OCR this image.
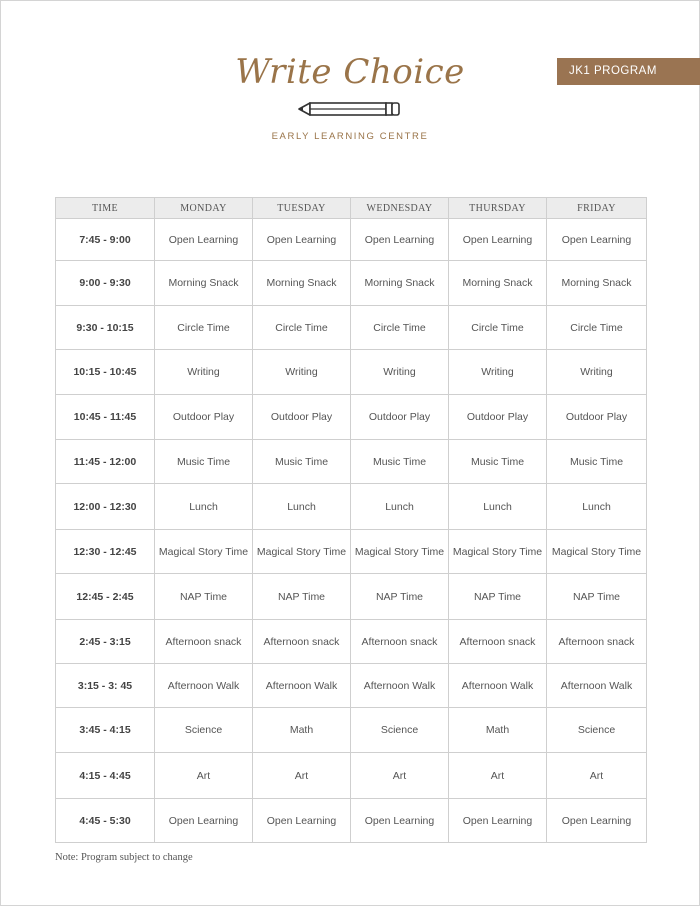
Write Choice
EARLY LEARNING CENTRE
JK1 PROGRAM
TIME	MONDAY	TUESDAY	WEDNESDAY	THURSDAY	FRIDAY
7:45 - 9:00	Open Learning	Open Learning	Open Learning	Open Learning	Open Learning
9:00 - 9:30	Morning Snack	Morning Snack	Morning Snack	Morning Snack	Morning Snack
9:30 - 10:15	Circle Time	Circle Time	Circle Time	Circle Time	Circle Time
10:15 - 10:45	Writing	Writing	Writing	Writing	Writing
10:45 - 11:45	Outdoor Play	Outdoor Play	Outdoor Play	Outdoor Play	Outdoor Play
11:45 - 12:00	Music Time	Music Time	Music Time	Music Time	Music Time
12:00 - 12:30	Lunch	Lunch	Lunch	Lunch	Lunch
12:30 - 12:45	Magical Story Time	Magical Story Time	Magical Story Time	Magical Story Time	Magical Story Time
12:45 - 2:45	NAP Time	NAP Time	NAP Time	NAP Time	NAP Time
2:45 - 3:15	Afternoon snack	Afternoon snack	Afternoon snack	Afternoon snack	Afternoon snack
3:15 - 3: 45	Afternoon Walk	Afternoon Walk	Afternoon Walk	Afternoon Walk	Afternoon Walk
3:45 - 4:15	Science	Math	Science	Math	Science
4:15 - 4:45	Art	Art	Art	Art	Art
4:45 - 5:30	Open Learning	Open Learning	Open Learning	Open Learning	Open Learning
Note: Program subject to change
